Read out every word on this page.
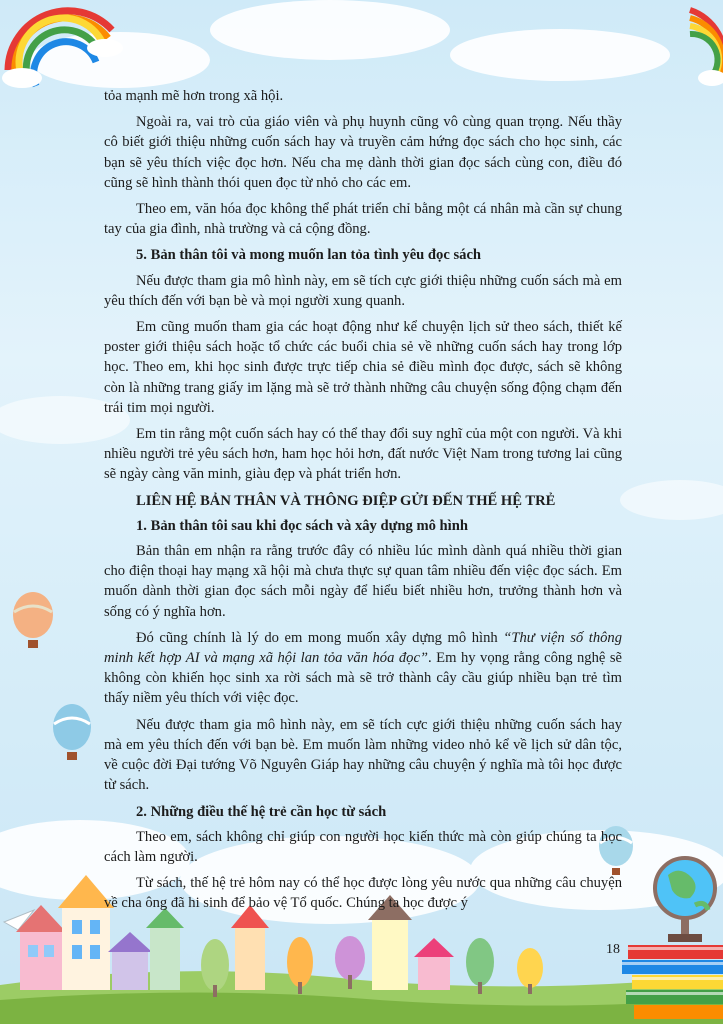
tỏa mạnh mẽ hơn trong xã hội.

Ngoài ra, vai trò của giáo viên và phụ huynh cũng vô cùng quan trọng. Nếu thầy cô biết giới thiệu những cuốn sách hay và truyền cảm hứng đọc sách cho học sinh, các bạn sẽ yêu thích việc đọc hơn. Nếu cha mẹ dành thời gian đọc sách cùng con, điều đó cũng sẽ hình thành thói quen đọc từ nhỏ cho các em.

Theo em, văn hóa đọc không thể phát triển chỉ bằng một cá nhân mà cần sự chung tay của gia đình, nhà trường và cả cộng đồng.

5. Bản thân tôi và mong muốn lan tỏa tình yêu đọc sách

Nếu được tham gia mô hình này, em sẽ tích cực giới thiệu những cuốn sách mà em yêu thích đến với bạn bè và mọi người xung quanh.

Em cũng muốn tham gia các hoạt động như kể chuyện lịch sử theo sách, thiết kế poster giới thiệu sách hoặc tổ chức các buổi chia sẻ về những cuốn sách hay trong lớp học. Theo em, khi học sinh được trực tiếp chia sẻ điều mình đọc được, sách sẽ không còn là những trang giấy im lặng mà sẽ trở thành những câu chuyện sống động chạm đến trái tim mọi người.

Em tin rằng một cuốn sách hay có thể thay đổi suy nghĩ của một con người. Và khi nhiều người trẻ yêu sách hơn, ham học hỏi hơn, đất nước Việt Nam trong tương lai cũng sẽ ngày càng văn minh, giàu đẹp và phát triển hơn.

LIÊN HỆ BẢN THÂN VÀ THÔNG ĐIỆP GỬI ĐẾN THẾ HỆ TRẺ
1. Bản thân tôi sau khi đọc sách và xây dựng mô hình

Bản thân em nhận ra rằng trước đây có nhiều lúc mình dành quá nhiều thời gian cho điện thoại hay mạng xã hội mà chưa thực sự quan tâm nhiều đến việc đọc sách. Em muốn dành thời gian đọc sách mỗi ngày để hiểu biết nhiều hơn, trưởng thành hơn và sống có ý nghĩa hơn.

Đó cũng chính là lý do em mong muốn xây dựng mô hình “Thư viện số thông minh kết hợp AI và mạng xã hội lan tỏa văn hóa đọc”. Em hy vọng rằng công nghệ sẽ không còn khiến học sinh xa rời sách mà sẽ trở thành cây cầu giúp nhiều bạn trẻ tìm thấy niềm yêu thích với việc đọc.

Nếu được tham gia mô hình này, em sẽ tích cực giới thiệu những cuốn sách hay mà em yêu thích đến với bạn bè. Em muốn làm những video nhỏ kể về lịch sử dân tộc, về cuộc đời Đại tướng Võ Nguyên Giáp hay những câu chuyện ý nghĩa mà tôi học được từ sách.

2. Những điều thế hệ trẻ cần học từ sách

Theo em, sách không chỉ giúp con người học kiến thức mà còn giúp chúng ta học cách làm người.

Từ sách, thế hệ trẻ hôm nay có thể học được lòng yêu nước qua những câu chuyện về cha ông đã hi sinh để bảo vệ Tổ quốc. Chúng ta học được ý

18
